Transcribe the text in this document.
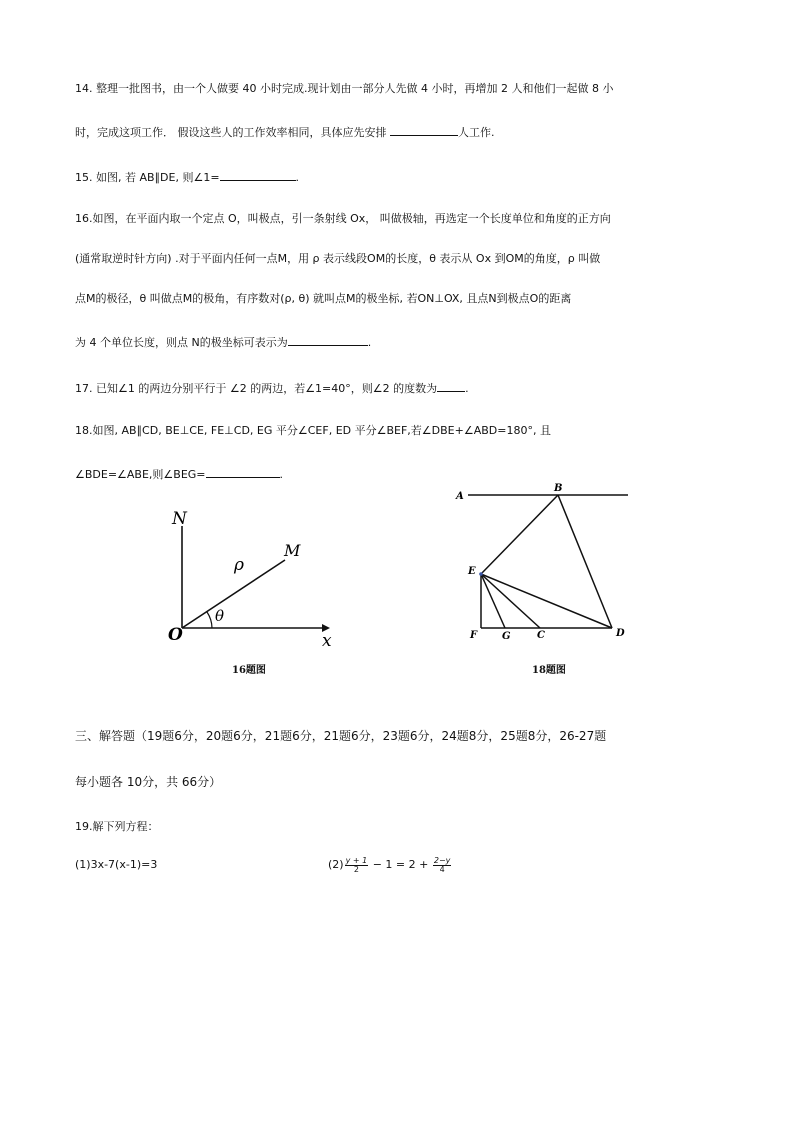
14. 整理一批图书，由一个人做要 40 小时完成.现计划由一部分人先做 4 小时，再增加 2 人和他们一起做 8 小
时，完成这项工作． 假设这些人的工作效率相同，具体应先安排	人工作.
15. 如图, 若 AB∥DE, 则∠1=	.
16.如图，在平面内取一个定点 O，叫极点，引一条射线 Ox， 叫做极轴，再选定一个长度单位和角度的正方向
(通常取逆时针方向) .对于平面内任何一点M，用 ρ 表示线段OM的长度，θ 表示从 Ox 到OM的角度，ρ 叫做
点M的极径，θ 叫做点M的极角，有序数对(ρ, θ) 就叫点M的极坐标, 若ON⊥OX, 且点N到极点O的距离
为 4 个单位长度，则点 N的极坐标可表示为	.
17. 已知∠1 的两边分别平行于 ∠2 的两边，若∠1=40°，则∠2 的度数为	.
18.如图, AB∥CD, BE⊥CE, FE⊥CD, EG 平分∠CEF, ED 平分∠BEF,若∠DBE+∠ABD=180°, 且
∠BDE=∠ABE,则∠BEG=	.
N
M
ρ
θ
O	x
16题图
A
B
E
F G	C	D
18题图
三、解答题（19题6分，20题6分，21题6分，21题6分，23题6分，24题8分，25题8分，26-27题
每小题各 10分，共 66分）
19.解下列方程：
(1)3x-7(x-1)=3	$(2) \frac{y + 1}{2} - 1 = 2 + \frac{2-y}{4}$
